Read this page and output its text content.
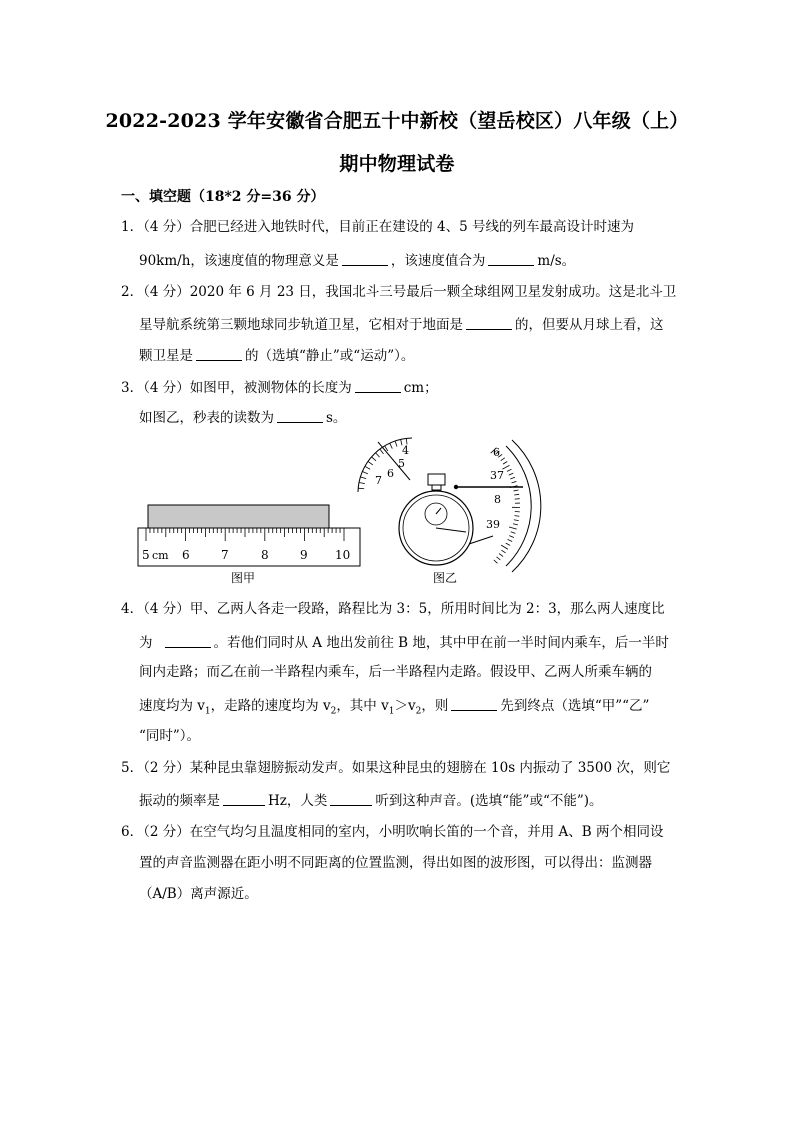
2022-2023 学年安徽省合肥五十中新校（望岳校区）八年级（上）
期中物理试卷
一、填空题（18*2 分=36 分）
1．（4 分）合肥已经进入地铁时代，目前正在建设的 4、5 号线的列车最高设计时速为
90km/h，该速度值的物理意义是	，该速度值合为	m/s。
2．（4 分）2020 年 6 月 23 日，我国北斗三号最后一颗全球组网卫星发射成功。这是北斗卫
星导航系统第三颗地球同步轨道卫星，它相对于地面是	的，但要从月球上看，这
颗卫星是	的（选填“静止”或“运动”）。
3．（4 分）如图甲，被测物体的长度为	cm；
如图乙，秒表的读数为	s。
5 cm 6	7	8	9 10
图甲
4
5
6
7
6
37
8
39
图乙
4．（4 分）甲、乙两人各走一段路，路程比为 3：5，所用时间比为 2：3，那么两人速度比
为	。若他们同时从 A 地出发前往 B 地，其中甲在前一半时间内乘车，后一半时
间内走路；而乙在前一半路程内乘车，后一半路程内走路。假设甲、乙两人所乘车辆的
速度均为 $v_1$，走路的速度均为 $v_2$，其中 $v_1>v_2$，则	先到终点（选填“甲”“乙”
“同时”）。
5．（2 分）某种昆虫靠翅膀振动发声。如果这种昆虫的翅膀在 10s 内振动了 3500 次，则它
振动的频率是	Hz，人类	听到这种声音。(选填“能”或“不能”)。
6．（2 分）在空气均匀且温度相同的室内，小明吹响长笛的一个音，并用 A、B 两个相同设
置的声音监测器在距小明不同距离的位置监测，得出如图的波形图，可以得出：监测器
（A/B）离声源近。
